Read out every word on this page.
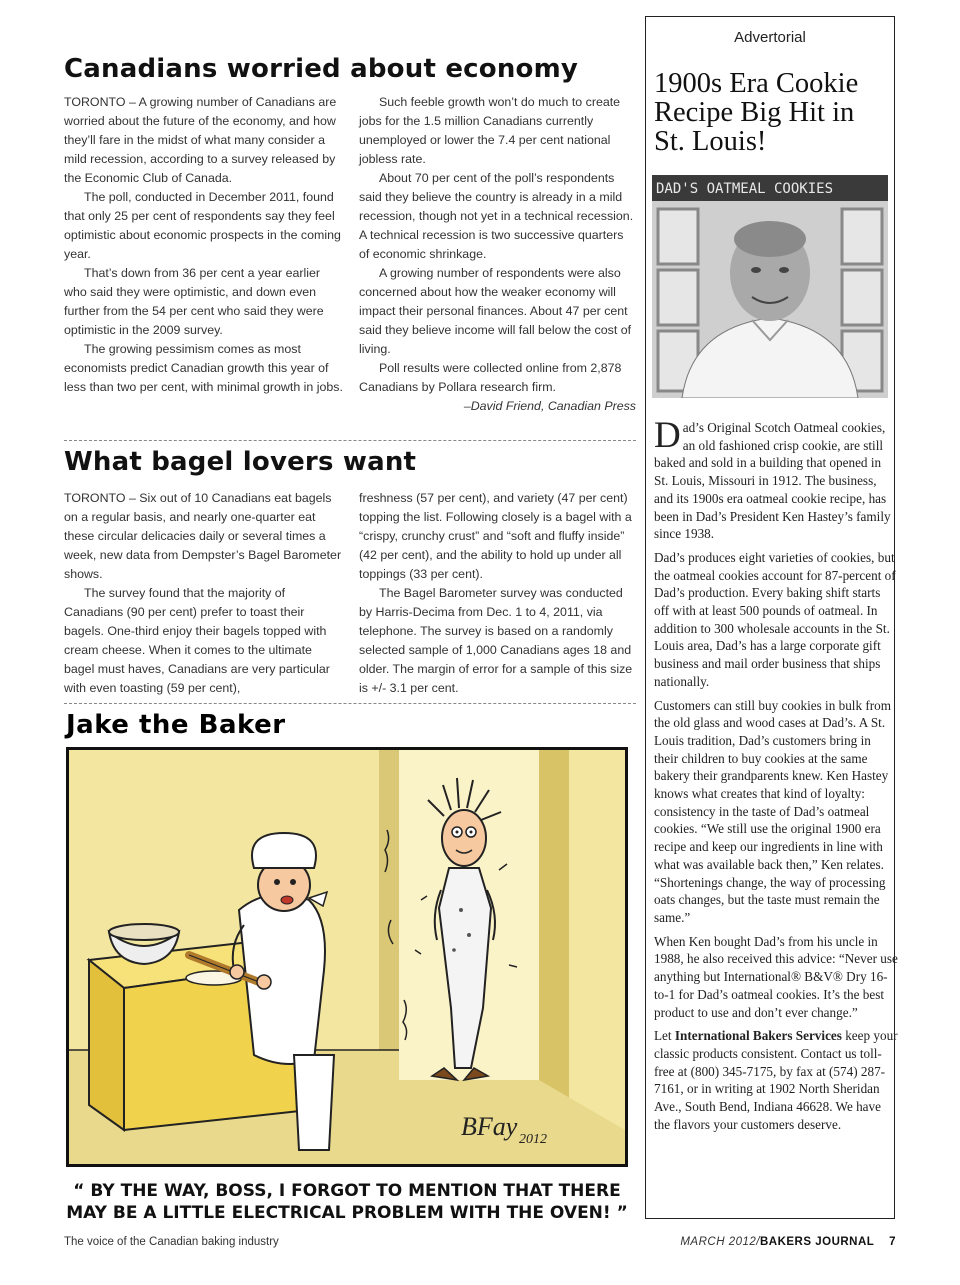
Canadians worried about economy

TORONTO – A growing number of Canadians are worried about the future of the economy, and how they’ll fare in the midst of what many consider a mild recession, according to a survey released by the Economic Club of Canada.

The poll, conducted in December 2011, found that only 25 per cent of respondents say they feel optimistic about economic prospects in the coming year.

That’s down from 36 per cent a year earlier who said they were optimistic, and down even further from the 54 per cent who said they were optimistic in the 2009 survey.

The growing pessimism comes as most economists predict Canadian growth this year of less than two per cent, with minimal growth in jobs.

Such feeble growth won’t do much to create jobs for the 1.5 million Canadians currently unemployed or lower the 7.4 per cent national jobless rate.

About 70 per cent of the poll’s respondents said they believe the country is already in a mild recession, though not yet in a technical recession. A technical recession is two successive quarters of economic shrinkage.

A growing number of respondents were also concerned about how the weaker economy will impact their personal finances. About 47 per cent said they believe income will fall below the cost of living.

Poll results were collected online from 2,878 Canadians by Pollara research firm.

–David Friend, Canadian Press

What bagel lovers want

TORONTO – Six out of 10 Canadians eat bagels on a regular basis, and nearly one-quarter eat these circular delicacies daily or several times a week, new data from Dempster’s Bagel Barometer shows.

The survey found that the majority of Canadians (90 per cent) prefer to toast their bagels. One-third enjoy their bagels topped with cream cheese. When it comes to the ultimate bagel must haves, Canadians are very particular with even toasting (59 per cent),

freshness (57 per cent), and variety (47 per cent) topping the list. Following closely is a bagel with a “crispy, crunchy crust” and “soft and fluffy inside” (42 per cent), and the ability to hold up under all toppings (33 per cent).

The Bagel Barometer survey was conducted by Harris-Decima from Dec. 1 to 4, 2011, via telephone. The survey is based on a randomly selected sample of 1,000 Canadians ages 18 and older. The margin of error for a sample of this size is +/- 3.1 per cent.

Jake the Baker
BFay 2012
“ BY THE WAY, BOSS, I FORGOT TO MENTION THAT THERE MAY BE A LITTLE ELECTRICAL PROBLEM WITH THE OVEN! ”
Advertorial
1900s Era Cookie Recipe Big Hit in St. Louis!
DAD'S OATMEAL COOKIES

Dad’s Original Scotch Oatmeal cookies, an old fashioned crisp cookie, are still baked and sold in a building that opened in St. Louis, Missouri in 1912. The business, and its 1900s era oatmeal cookie recipe, has been in Dad’s President Ken Hastey’s family since 1938.

Dad’s produces eight varieties of cookies, but the oatmeal cookies account for 87-percent of Dad’s production. Every baking shift starts off with at least 500 pounds of oatmeal. In addition to 300 wholesale accounts in the St. Louis area, Dad’s has a large corporate gift business and mail order business that ships nationally.

Customers can still buy cookies in bulk from the old glass and wood cases at Dad’s. A St. Louis tradition, Dad’s customers bring in their children to buy cookies at the same bakery their grandparents knew. Ken Hastey knows what creates that kind of loyalty: consistency in the taste of Dad’s oatmeal cookies. “We still use the original 1900 era recipe and keep our ingredients in line with what was available back then,” Ken relates. “Shortenings change, the way of processing oats changes, but the taste must remain the same.”

When Ken bought Dad’s from his uncle in 1988, he also received this advice: “Never use anything but International® B&V® Dry 16-to-1 for Dad’s oatmeal cookies. It’s the best product to use and don’t ever change.”

Let International Bakers Services keep your classic products consistent. Contact us toll-free at (800) 345-7175, by fax at (574) 287-7161, or in writing at 1902 North Sheridan Ave., South Bend, Indiana 46628. We have the flavors your customers deserve.

The voice of the Canadian baking industry	MARCH 2012/BAKERS JOURNAL 7
